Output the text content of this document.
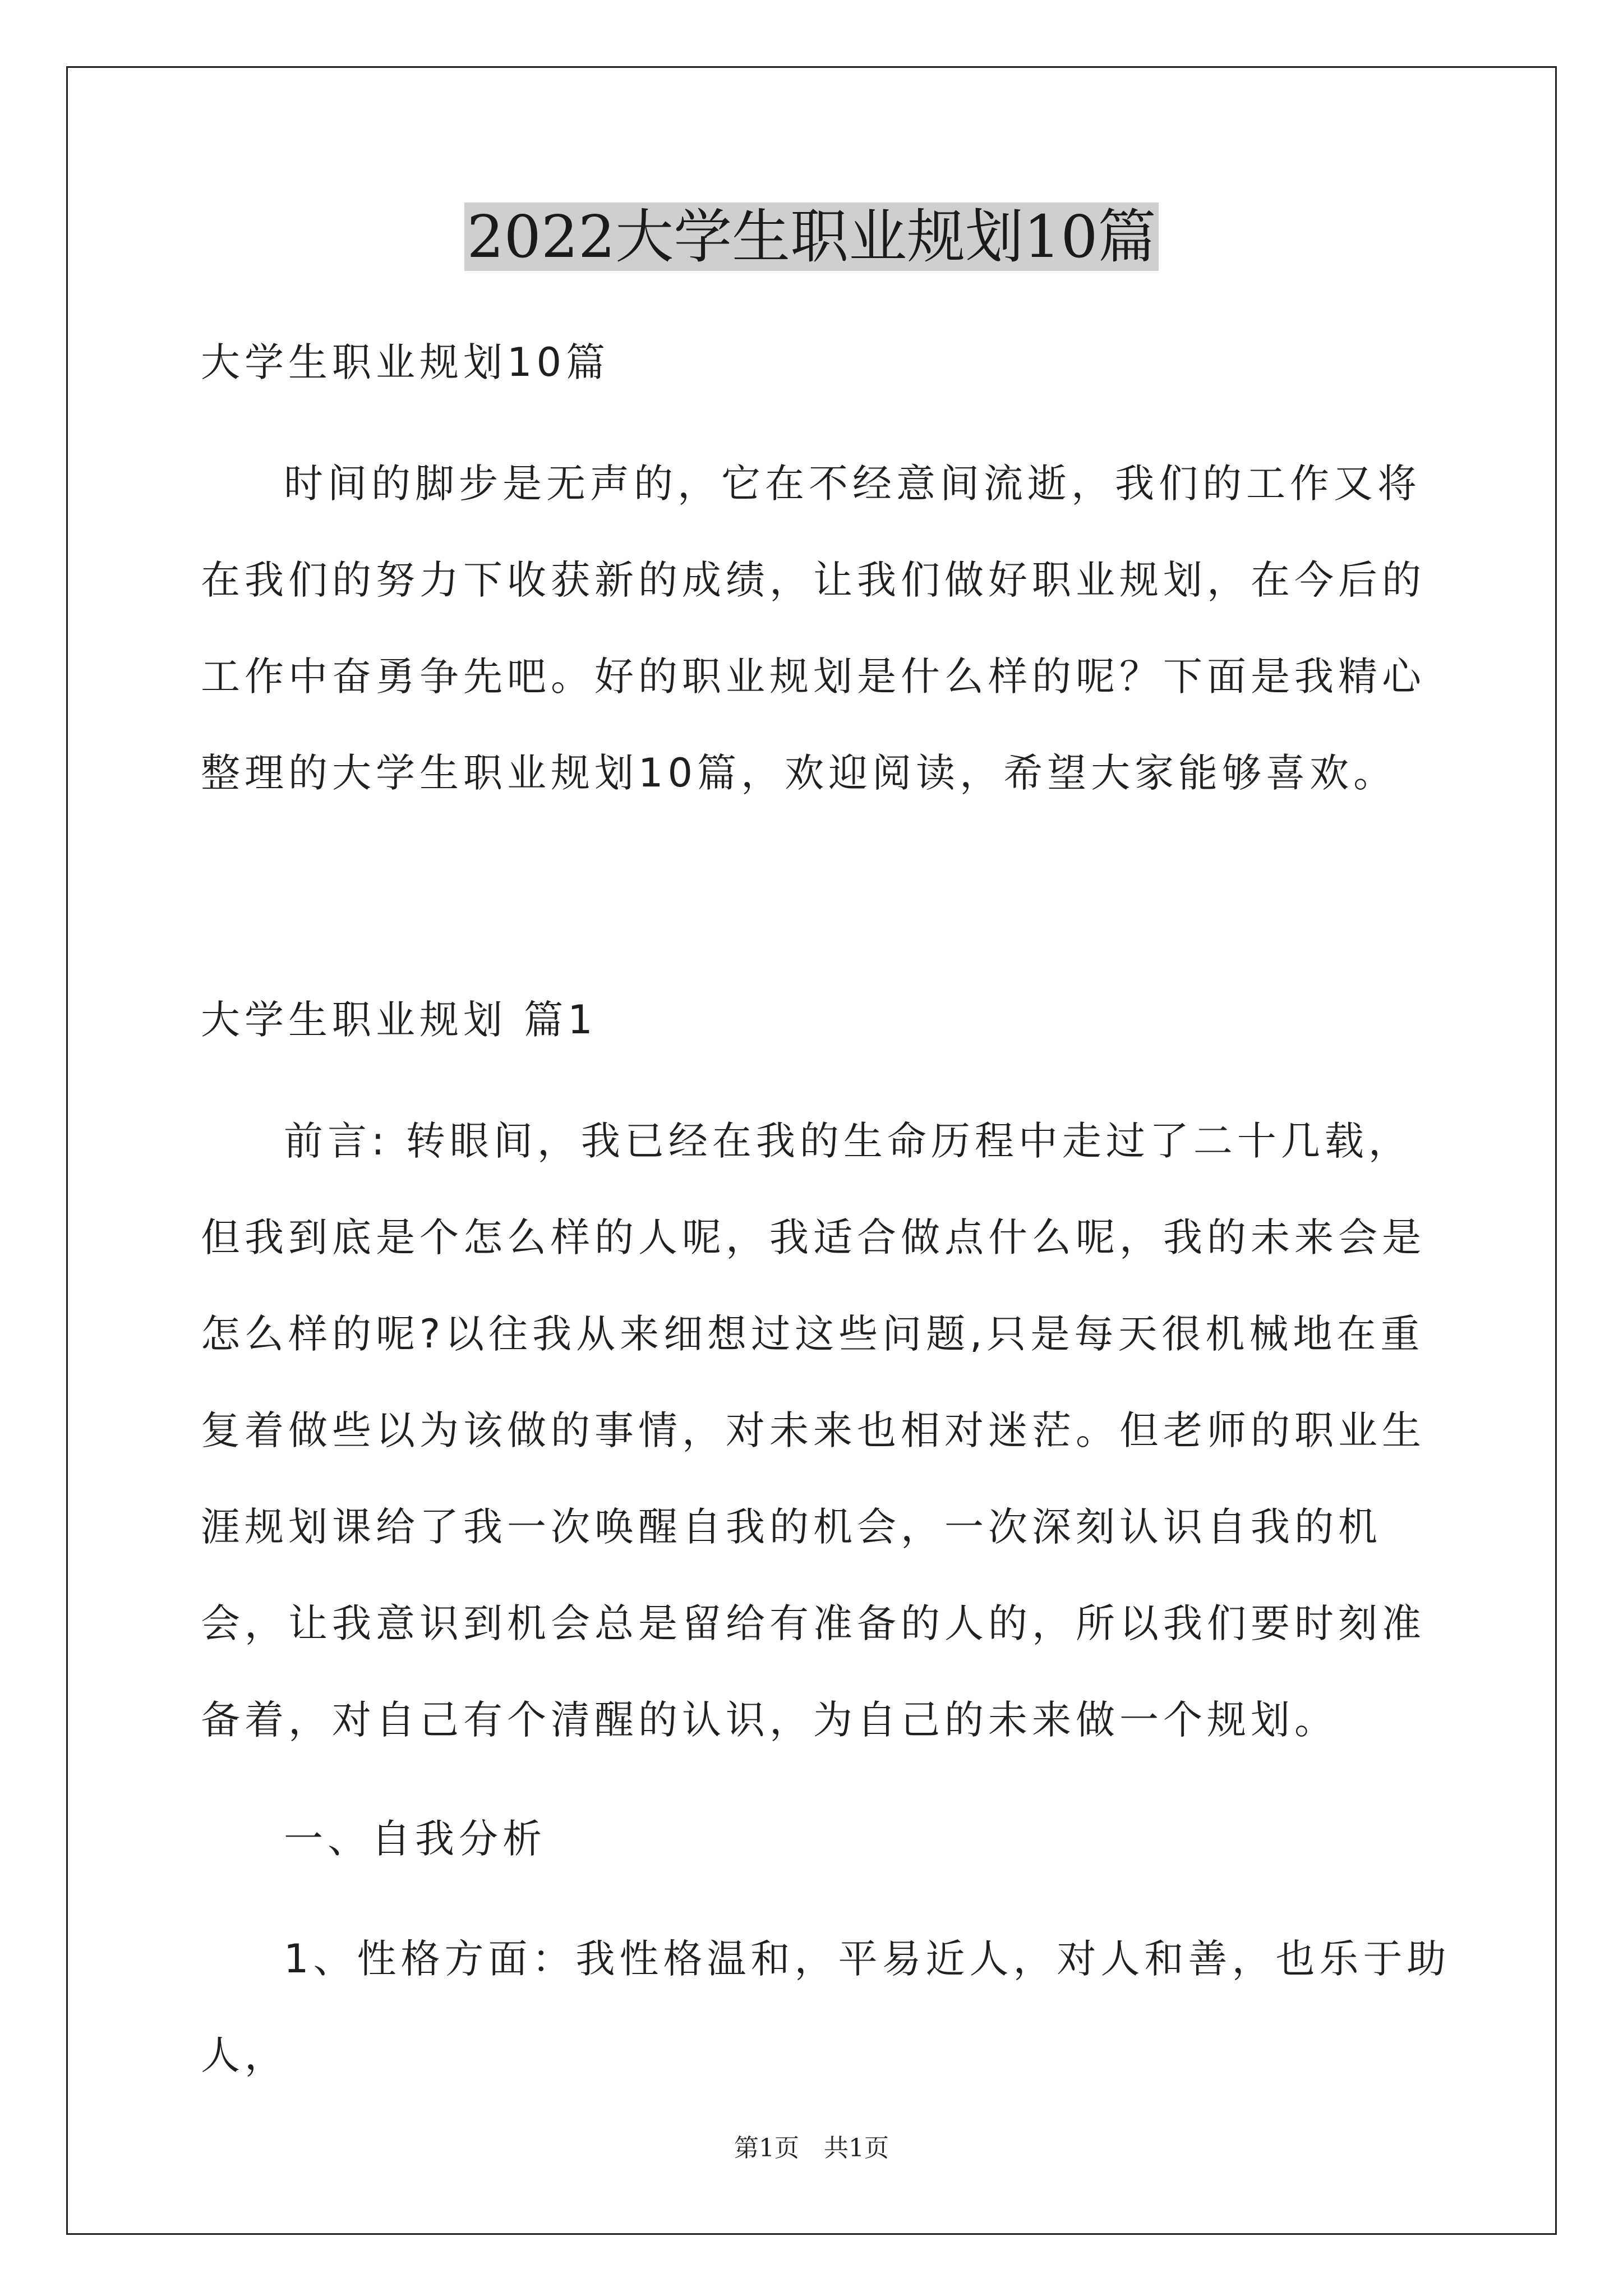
2022大学生职业规划10篇

大学生职业规划10篇

时间的脚步是无声的，它在不经意间流逝，我们的工作又将在我们的努力下收获新的成绩，让我们做好职业规划，在今后的工作中奋勇争先吧。好的职业规划是什么样的呢？下面是我精心整理的大学生职业规划10篇，欢迎阅读，希望大家能够喜欢。

大学生职业规划 篇1

前言: 转眼间，我已经在我的生命历程中走过了二十几载， 但我到底是个怎么样的人呢，我适合做点什么呢，我的未来会是怎么样的呢?以往我从来细想过这些问题,只是每天很机械地在重复着做些以为该做的事情，对未来也相对迷茫。但老师的职业生涯规划课给了我一次唤醒自我的机会，一次深刻认识自我的机会，让我意识到机会总是留给有准备的人的，所以我们要时刻准备着，对自己有个清醒的认识，为自己的未来做一个规划。

一、自我分析

1、性格方面：我性格温和，平易近人，对人和善，也乐于助人，

第1页　共1页
